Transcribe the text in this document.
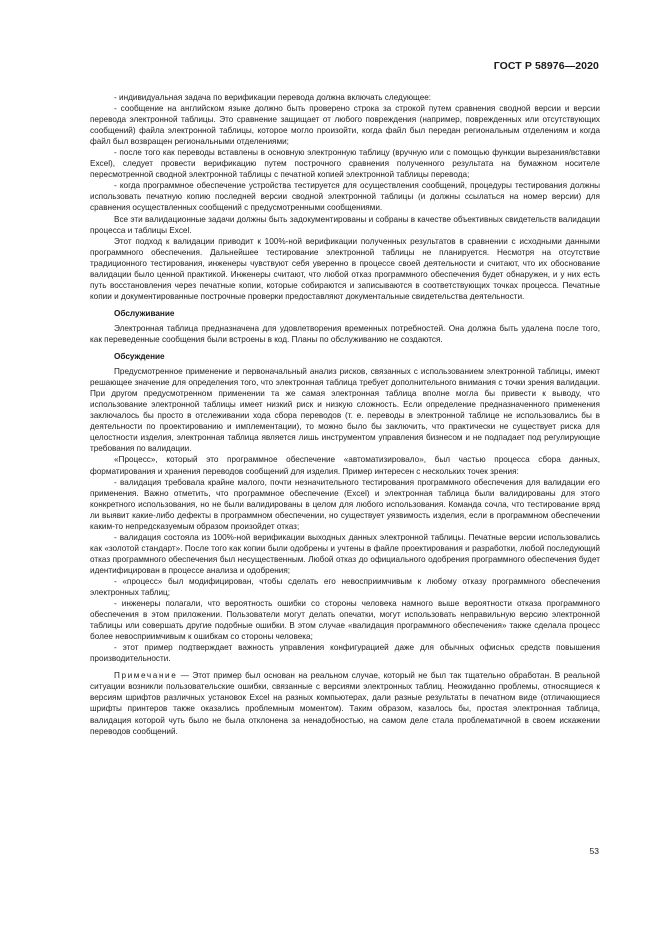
ГОСТ Р 58976—2020

- индивидуальная задача по верификации перевода должна включать следующее:

- сообщение на английском языке должно быть проверено строка за строкой путем сравнения сводной версии и версии перевода электронной таблицы. Это сравнение защищает от любого повреждения (например, поврежденных или отсутствующих сообщений) файла электронной таблицы, которое могло произойти, когда файл был передан региональным отделениям и когда файл был возвращен региональными отделениями;

- после того как переводы вставлены в основную электронную таблицу (вручную или с помощью функции вырезания/вставки Excel), следует провести верификацию путем построчного сравнения полученного результата на бумажном носителе пересмотренной сводной электронной таблицы с печатной копией электронной таблицы перевода;

- когда программное обеспечение устройства тестируется для осуществления сообщений, процедуры тестирования должны использовать печатную копию последней версии сводной электронной таблицы (и должны ссылаться на номер версии) для сравнения осуществленных сообщений с предусмотренными сообщениями.

Все эти валидационные задачи должны быть задокументированы и собраны в качестве объективных свидетельств валидации процесса и таблицы Excel.

Этот подход к валидации приводит к 100%-ной верификации полученных результатов в сравнении с исходными данными программного обеспечения. Дальнейшее тестирование электронной таблицы не планируется. Несмотря на отсутствие традиционного тестирования, инженеры чувствуют себя уверенно в процессе своей деятельности и считают, что их обоснование валидации было ценной практикой. Инженеры считают, что любой отказ программного обеспечения будет обнаружен, и у них есть путь восстановления через печатные копии, которые собираются и записываются в соответствующих точках процесса. Печатные копии и документированные построчные проверки предоставляют документальные свидетельства деятельности.

Обслуживание

Электронная таблица предназначена для удовлетворения временных потребностей. Она должна быть удалена после того, как переведенные сообщения были встроены в код. Планы по обслуживанию не создаются.

Обсуждение

Предусмотренное применение и первоначальный анализ рисков, связанных с использованием электронной таблицы, имеют решающее значение для определения того, что электронная таблица требует дополнительного внимания с точки зрения валидации. При другом предусмотренном применении та же самая электронная таблица вполне могла бы привести к выводу, что использование электронной таблицы имеет низкий риск и низкую сложность. Если определение предназначенного применения заключалось бы просто в отслеживании хода сбора переводов (т. е. переводы в электронной таблице не использовались бы в деятельности по проектированию и имплементации), то можно было бы заключить, что практически не существует риска для целостности изделия, электронная таблица является лишь инструментом управления бизнесом и не подпадает под регулирующие требования по валидации.

«Процесс», который это программное обеспечение «автоматизировало», был частью процесса сбора данных, форматирования и хранения переводов сообщений для изделия. Пример интересен с нескольких точек зрения:

- валидация требовала крайне малого, почти незначительного тестирования программного обеспечения для валидации его применения. Важно отметить, что программное обеспечение (Excel) и электронная таблица были валидированы для этого конкретного использования, но не были валидированы в целом для любого использования. Команда сочла, что тестирование вряд ли выявит какие-либо дефекты в программном обеспечении, но существует уязвимость изделия, если в программном обеспечении каким-то непредсказуемым образом произойдет отказ;

- валидация состояла из 100%-ной верификации выходных данных электронной таблицы. Печатные версии использовались как «золотой стандарт». После того как копии были одобрены и учтены в файле проектирования и разработки, любой последующий отказ программного обеспечения был несущественным. Любой отказ до официального одобрения программного обеспечения будет идентифицирован в процессе анализа и одобрения;

- «процесс» был модифицирован, чтобы сделать его невосприимчивым к любому отказу программного обеспечения электронных таблиц;

- инженеры полагали, что вероятность ошибки со стороны человека намного выше вероятности отказа программного обеспечения в этом приложении. Пользователи могут делать опечатки, могут использовать неправильную версию электронной таблицы или совершать другие подобные ошибки. В этом случае «валидация программного обеспечения» также сделала процесс более невосприимчивым к ошибкам со стороны человека;

- этот пример подтверждает важность управления конфигурацией даже для обычных офисных средств повышения производительности.

Примечание — Этот пример был основан на реальном случае, который не был так тщательно обработан. В реальной ситуации возникли пользовательские ошибки, связанные с версиями электронных таблиц. Неожиданно проблемы, относящиеся к версиям шрифтов различных установок Excel на разных компьютерах, дали разные результаты в печатном виде (отличающиеся шрифты принтеров также оказались проблемным моментом). Таким образом, казалось бы, простая электронная таблица, валидация которой чуть было не была отклонена за ненадобностью, на самом деле стала проблематичной в своем искажении переводов сообщений.

53
